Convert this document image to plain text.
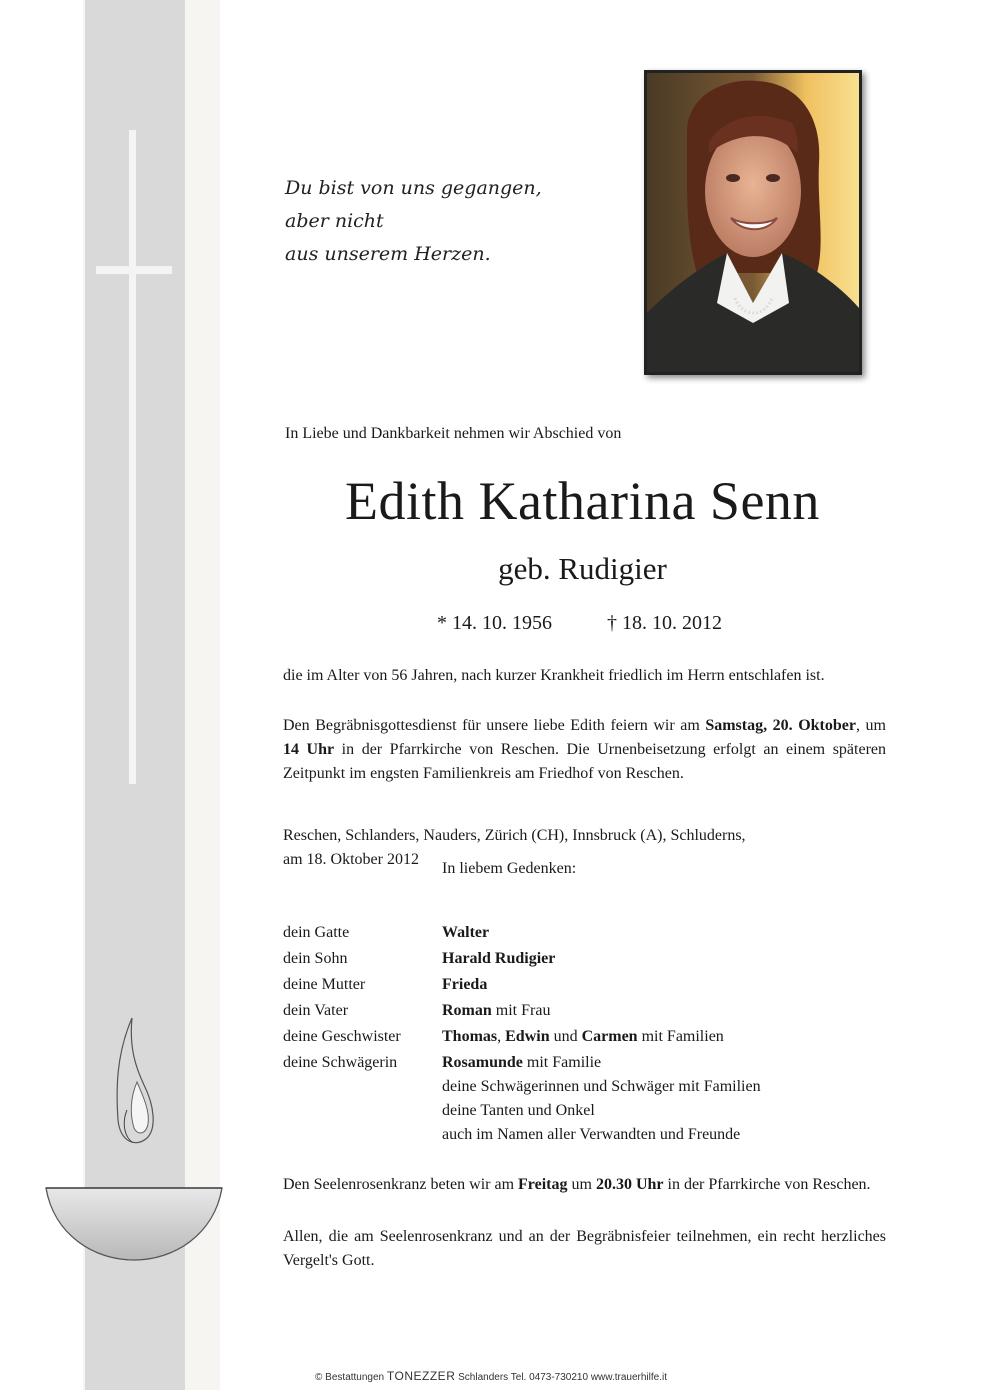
Du bist von uns gegangen,
aber nicht
aus unserem Herzen.
In Liebe und Dankbarkeit nehmen wir Abschied von
Edith Katharina Senn
geb. Rudigier
* 14. 10. 1956	† 18. 10. 2012
die im Alter von 56 Jahren, nach kurzer Krankheit friedlich im Herrn entschlafen ist.
Den Begräbnisgottesdienst für unsere liebe Edith feiern wir am Samstag, 20. Oktober, um 14 Uhr in der Pfarrkirche von Reschen. Die Urnenbeisetzung erfolgt an einem späteren Zeitpunkt im engsten Familienkreis am Friedhof von Reschen.
Reschen, Schlanders, Nauders, Zürich (CH), Innsbruck (A), Schluderns,
am 18. Oktober 2012
In liebem Gedenken:
dein Gatte	Walter
dein Sohn	Harald Rudigier
deine Mutter	Frieda
dein Vater	Roman mit Frau
deine Geschwister	Thomas, Edwin und Carmen mit Familien
deine Schwägerin	Rosamunde mit Familie
deine Schwägerinnen und Schwäger mit Familien
deine Tanten und Onkel
auch im Namen aller Verwandten und Freunde
Den Seelenrosenkranz beten wir am Freitag um 20.30 Uhr in der Pfarrkirche von Reschen.
Allen, die am Seelenrosenkranz und an der Begräbnisfeier teilnehmen, ein recht herzliches Vergelt's Gott.
© Bestattungen TONEZZER Schlanders Tel. 0473-730210 www.trauerhilfe.it
